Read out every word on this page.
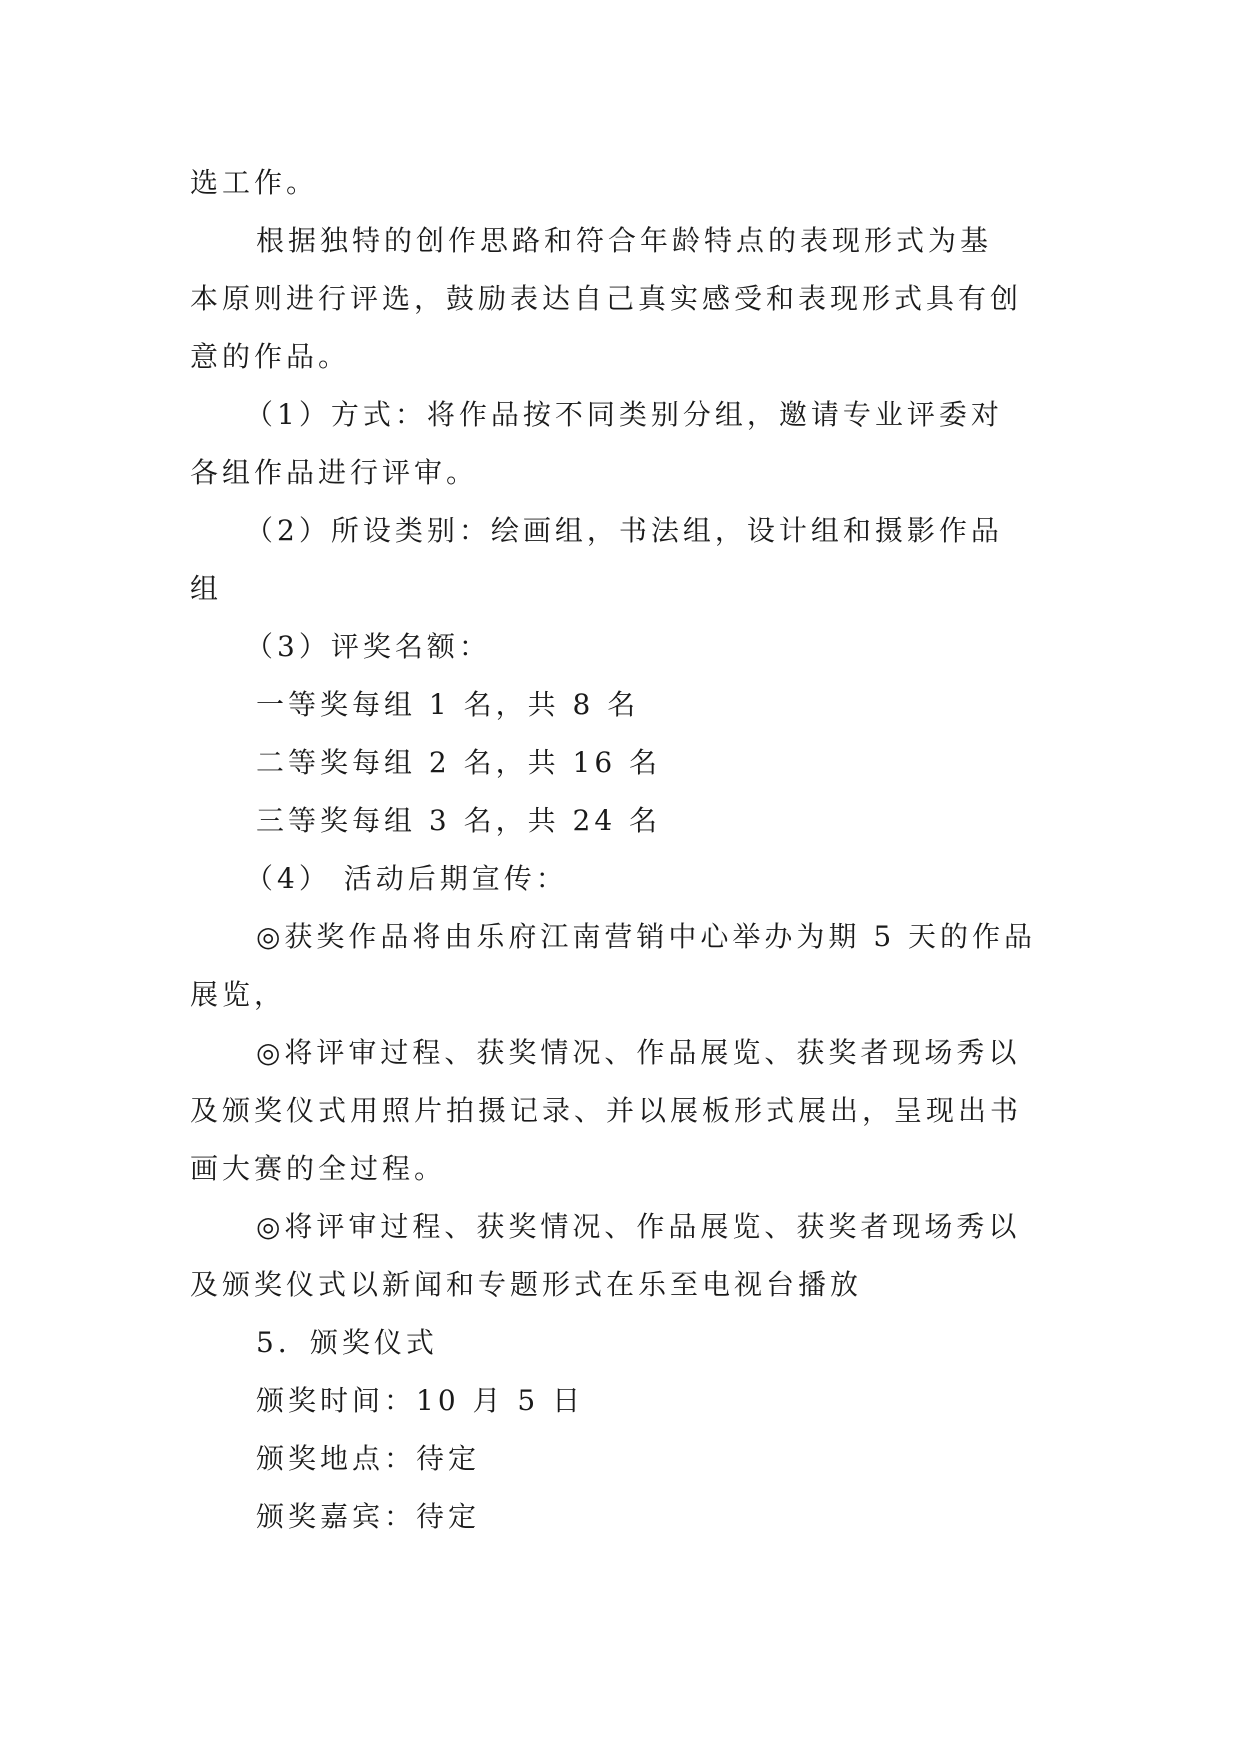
选工作。
根据独特的创作思路和符合年龄特点的表现形式为基
本原则进行评选，鼓励表达自己真实感受和表现形式具有创
意的作品。
（1）方式：将作品按不同类别分组，邀请专业评委对
各组作品进行评审。
（2）所设类别：绘画组，书法组，设计组和摄影作品
组
（3）评奖名额：
一等奖每组 1 名，共 8 名
二等奖每组 2 名，共 16 名
三等奖每组 3 名，共 24 名
（4） 活动后期宣传：
◎获奖作品将由乐府江南营销中心举办为期 5 天的作品
展览，
◎将评审过程、获奖情况、作品展览、获奖者现场秀以
及颁奖仪式用照片拍摄记录、并以展板形式展出，呈现出书
画大赛的全过程。
◎将评审过程、获奖情况、作品展览、获奖者现场秀以
及颁奖仪式以新闻和专题形式在乐至电视台播放
5．颁奖仪式
颁奖时间：10 月 5 日
颁奖地点：待定
颁奖嘉宾：待定
